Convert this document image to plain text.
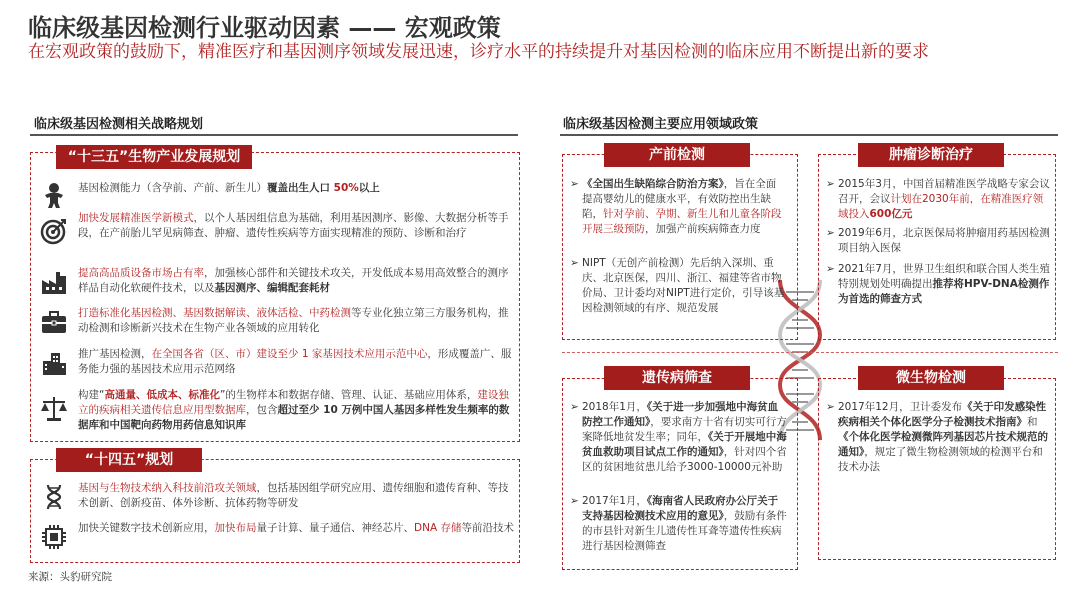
临床级基因检测行业驱动因素 —— 宏观政策
在宏观政策的鼓励下，精准医疗和基因测序领域发展迅速，诊疗水平的持续提升对基因检测的临床应用不断提出新的要求
临床级基因检测相关战略规划
“十三五”生物产业发展规划
基因检测能力（含孕前、产前、新生儿）覆盖出生人口 50%以上
加快发展精准医学新模式，以个人基因组信息为基础，利用基因测序、影像、大数据分析等手段，在产前胎儿罕见病筛查、肿瘤、遗传性疾病等方面实现精准的预防、诊断和治疗
提高高品质设备市场占有率，加强核心部件和关键技术攻关，开发低成本易用高效整合的测序样品自动化软硬件技术，以及基因测序、编辑配套耗材
打造标准化基因检测、基因数据解读、液体活检、中药检测等专业化独立第三方服务机构，推动检测和诊断新兴技术在生物产业各领域的应用转化
推广基因检测，在全国各省（区、市）建设至少 1 家基因技术应用示范中心，形成覆盖广、服务能力强的基因技术应用示范网络
构建“高通量、低成本、标准化”的生物样本和数据存储、管理、认证、基础应用体系，建设独立的疾病相关遗传信息应用型数据库，包含超过至少 10 万例中国人基因多样性发生频率的数据库和中国靶向药物用药信息知识库
“十四五”规划
基因与生物技术纳入科技前沿攻关领域，包括基因组学研究应用、遗传细胞和遗传育种、等技术创新、创新疫苗、体外诊断、抗体药物等研发
加快关键数字技术创新应用，加快布局量子计算、量子通信、神经芯片、DNA 存储等前沿技术
来源：头豹研究院
临床级基因检测主要应用领域政策
产前检测
➢ 《全国出生缺陷综合防治方案》，旨在全面提高婴幼儿的健康水平，有效防控出生缺陷，针对孕前、孕期、新生儿和儿童各阶段开展三级预防，加强产前疾病筛查力度
➢ NIPT（无创产前检测）先后纳入深圳、重庆、北京医保，四川、浙江、福建等省市物价局、卫计委均对NIPT进行定价，引导该基因检测领域的有序、规范发展
肿瘤诊断治疗
➢ 2015年3月，中国首届精准医学战略专家会议召开，会议计划在2030年前，在精准医疗领域投入600亿元
➢ 2019年6月，北京医保局将肿瘤用药基因检测项目纳入医保
➢ 2021年7月，世界卫生组织和联合国人类生殖特别规划处明确提出推荐将HPV-DNA检测作为首选的筛查方式
遗传病筛查
➢ 2018年1月，《关于进一步加强地中海贫血防控工作通知》，要求南方十省有切实可行方案降低地贫发生率；同年，《关于开展地中海贫血救助项目试点工作的通知》，针对四个省区的贫困地贫患儿给予3000-10000元补助
➢ 2017年1月，《海南省人民政府办公厅关于支持基因检测技术应用的意见》，鼓励有条件的市县针对新生儿遗传性耳聋等遗传性疾病进行基因检测筛查
微生物检测
➢ 2017年12月，卫计委发布《关于印发感染性疾病相关个体化医学分子检测技术指南》和《个体化医学检测微阵列基因芯片技术规范的通知》，规定了微生物检测领域的检测平台和技术办法
